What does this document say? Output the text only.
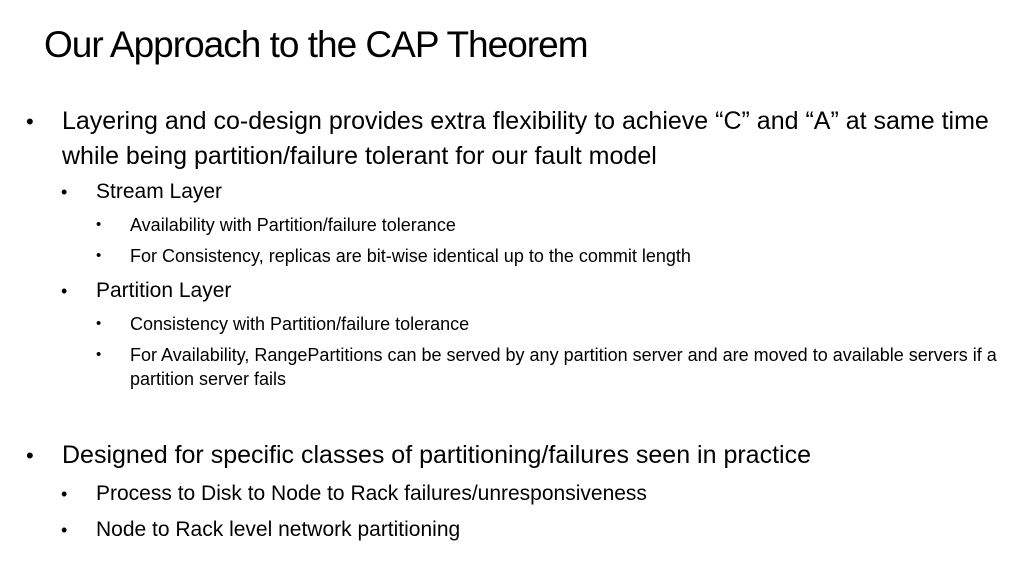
Our Approach to the CAP Theorem
• Layering and co-design provides extra flexibility to achieve “C” and “A” at same time while being partition/failure tolerant for our fault model
• Stream Layer
• Availability with Partition/failure tolerance
• For Consistency, replicas are bit-wise identical up to the commit length
• Partition Layer
• Consistency with Partition/failure tolerance
• For Availability, RangePartitions can be served by any partition server and are moved to available servers if a partition server fails
• Designed for specific classes of partitioning/failures seen in practice
• Process to Disk to Node to Rack failures/unresponsiveness
• Node to Rack level network partitioning
